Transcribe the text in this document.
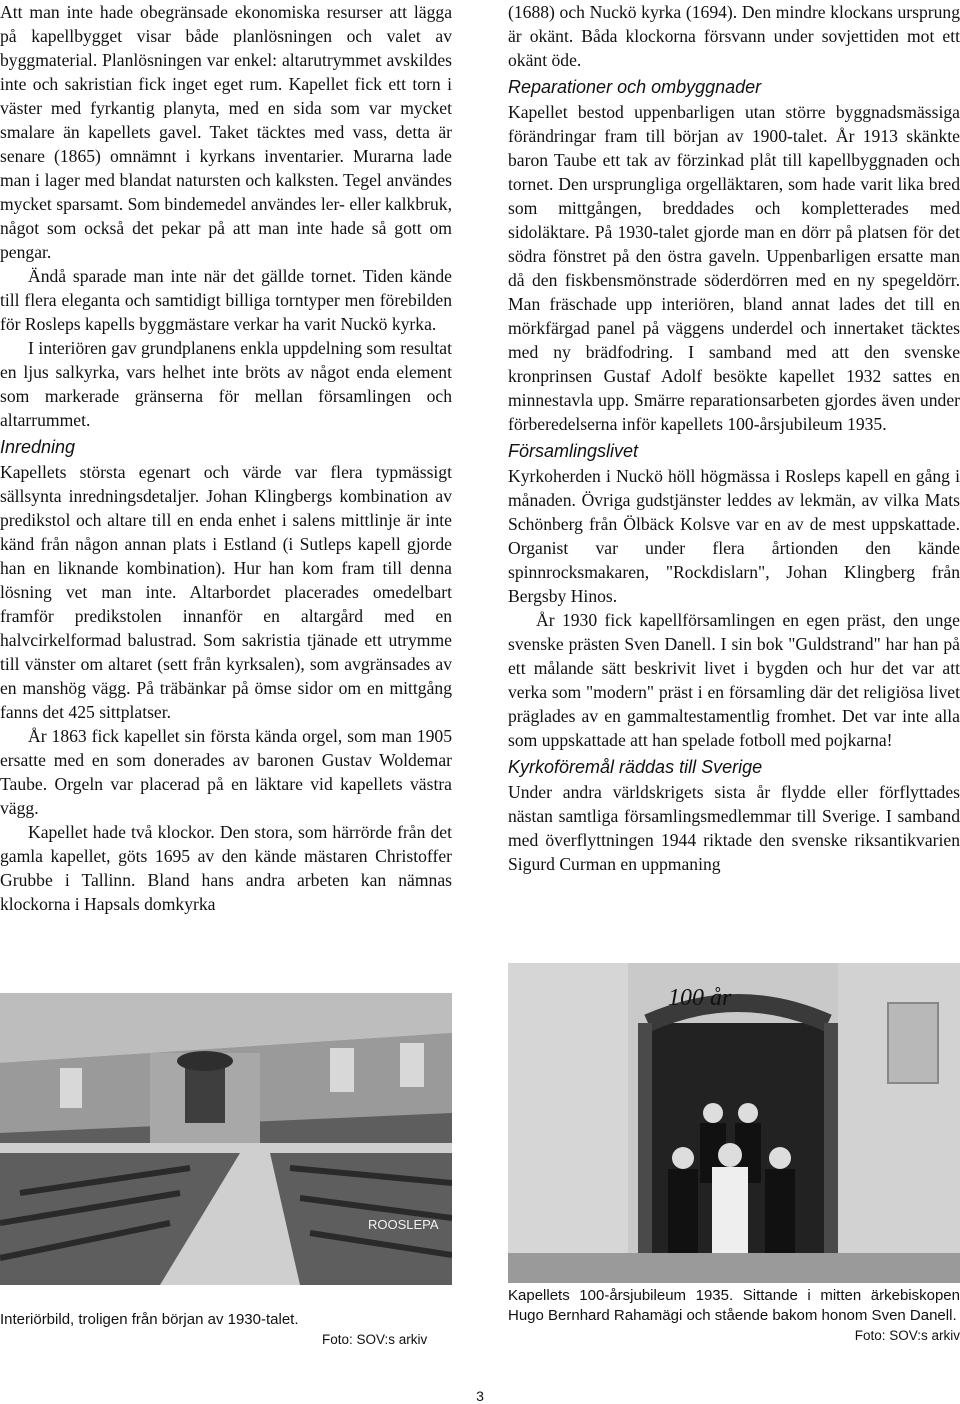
Att man inte hade obegränsade ekonomiska resurser att lägga på kapellbygget visar både planlösningen och valet av byggmaterial. Planlösningen var enkel: altarutrymmet avskildes inte och sakristian fick inget eget rum. Kapellet fick ett torn i väster med fyrkantig planyta, med en sida som var mycket smalare än kapellets gavel. Taket täcktes med vass, detta är senare (1865) omnämnt i kyrkans inventarier. Murarna lade man i lager med blandat natursten och kalksten. Tegel användes mycket sparsamt. Som bindemedel användes ler- eller kalkbruk, något som också det pekar på att man inte hade så gott om pengar.

Ändå sparade man inte när det gällde tornet. Tiden kände till flera eleganta och samtidigt billiga torntyper men förebilden för Rosleps kapells byggmästare verkar ha varit Nuckö kyrka.

I interiören gav grundplanens enkla uppdelning som resultat en ljus salkyrka, vars helhet inte bröts av något enda element som markerade gränserna för mellan församlingen och altarrummet.

Inredning

Kapellets största egenart och värde var flera typmässigt sällsynta inredningsdetaljer. Johan Klingbergs kombination av predikstol och altare till en enda enhet i salens mittlinje är inte känd från någon annan plats i Estland (i Sutleps kapell gjorde han en liknande kombination). Hur han kom fram till denna lösning vet man inte. Altarbordet placerades omedelbart framför predikstolen innanför en altargård med en halvcirkelformad balustrad. Som sakristia tjänade ett utrymme till vänster om altaret (sett från kyrksalen), som avgränsades av en manshög vägg. På träbänkar på ömse sidor om en mittgång fanns det 425 sittplatser.

År 1863 fick kapellet sin första kända orgel, som man 1905 ersatte med en som donerades av baronen Gustav Woldemar Taube. Orgeln var placerad på en läktare vid kapellets västra vägg.

Kapellet hade två klockor. Den stora, som härrörde från det gamla kapellet, göts 1695 av den kände mästaren Christoffer Grubbe i Tallinn. Bland hans andra arbeten kan nämnas klockorna i Hapsals domkyrka

(1688) och Nuckö kyrka (1694). Den mindre klockans ursprung är okänt. Båda klockorna försvann under sovjettiden mot ett okänt öde.

Reparationer och ombyggnader

Kapellet bestod uppenbarligen utan större byggnadsmässiga förändringar fram till början av 1900-talet. År 1913 skänkte baron Taube ett tak av förzinkad plåt till kapellbyggnaden och tornet. Den ursprungliga orgelläktaren, som hade varit lika bred som mittgången, breddades och kompletterades med sidoläktare. På 1930-talet gjorde man en dörr på platsen för det södra fönstret på den östra gaveln. Uppenbarligen ersatte man då den fiskbensmönstrade söderdörren med en ny spegeldörr. Man fräschade upp interiören, bland annat lades det till en mörkfärgad panel på väggens underdel och innertaket täcktes med ny brädfodring. I samband med att den svenske kronprinsen Gustaf Adolf besökte kapellet 1932 sattes en minnestavla upp. Smärre reparationsarbeten gjordes även under förberedelserna inför kapellets 100-årsjubileum 1935.

Församlingslivet

Kyrkoherden i Nuckö höll högmässa i Rosleps kapell en gång i månaden. Övriga gudstjänster leddes av lekmän, av vilka Mats Schönberg från Ölbäck Kolsve var en av de mest uppskattade. Organist var under flera årtionden den kände spinnrocksmakaren, "Rockdislarn", Johan Klingberg från Bergsby Hinos.

År 1930 fick kapellförsamlingen en egen präst, den unge svenske prästen Sven Danell. I sin bok "Guldstrand" har han på ett målande sätt beskrivit livet i bygden och hur det var att verka som "modern" präst i en församling där det religiösa livet präglades av en gammaltestamentlig fromhet. Det var inte alla som uppskattade att han spelade fotboll med pojkarna!

Kyrkoföremål räddas till Sverige

Under andra världskrigets sista år flydde eller förflyttades nästan samtliga församlingsmedlemmar till Sverige. I samband med överflyttningen 1944 riktade den svenske riksantikvarien Sigurd Curman en uppmaning

ROOSLEPA
Interiörbild, troligen från början av 1930-talet.
Foto: SOV:s arkiv
100 år
Kapellets 100-årsjubileum 1935. Sittande i mitten ärkebiskopen Hugo Bernhard Rahamägi och stående bakom honom Sven Danell.
Foto: SOV:s arkiv
3
